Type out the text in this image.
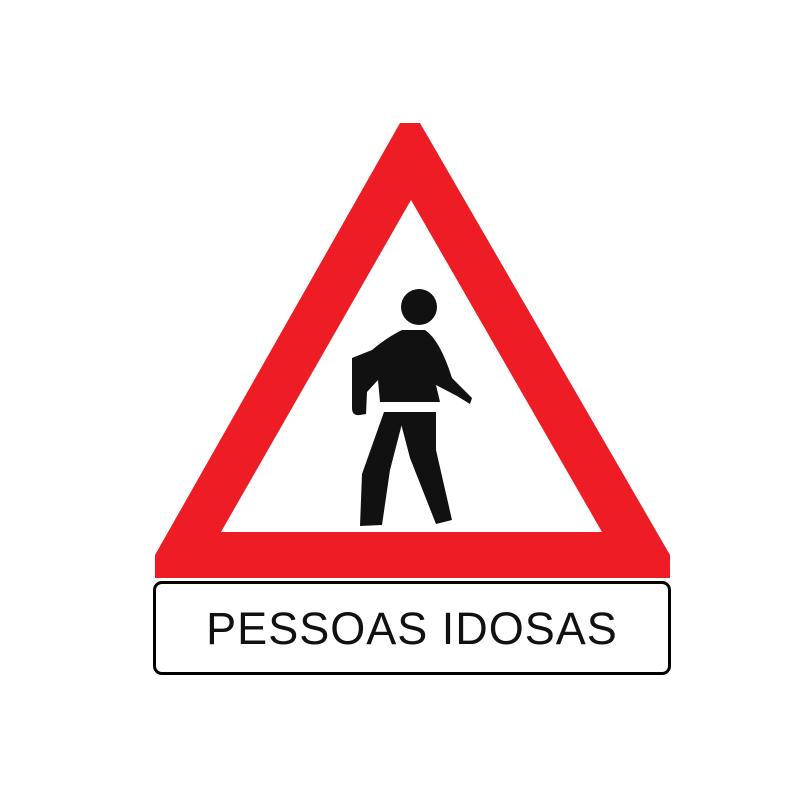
PESSOAS IDOSAS
